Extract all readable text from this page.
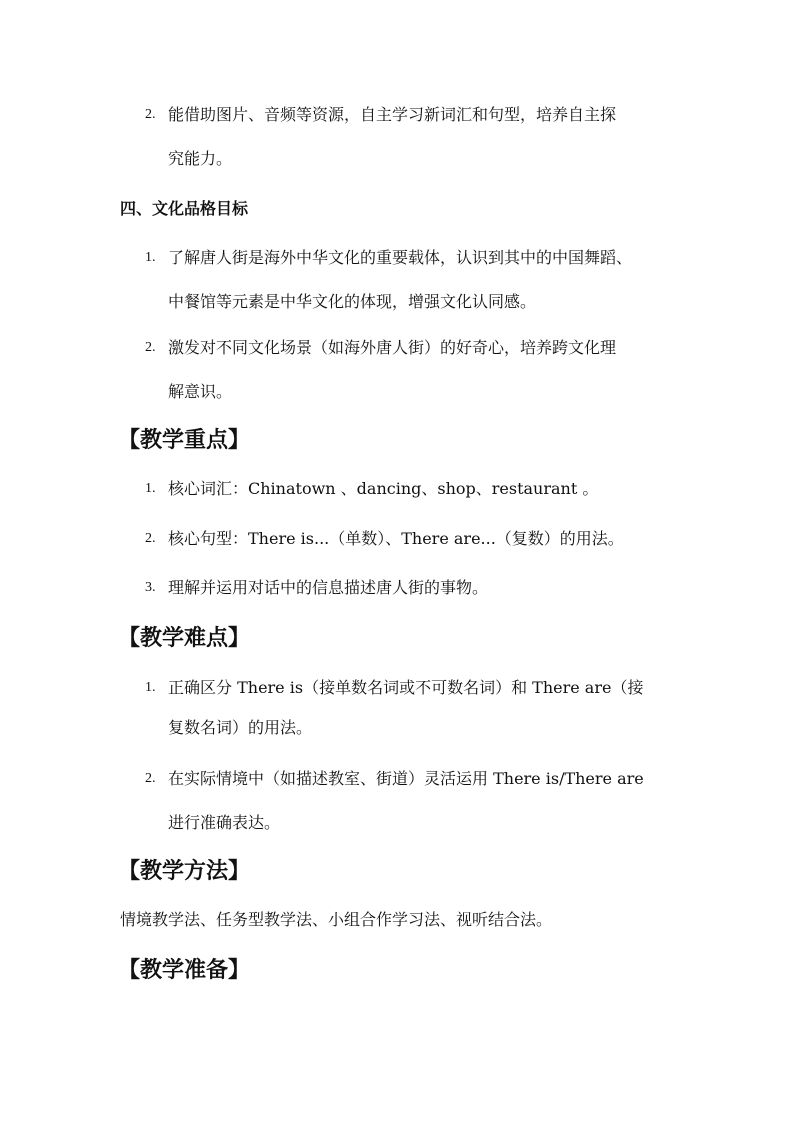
2. 能借助图片、音频等资源，自主学习新词汇和句型，培养自主探
究能力。
四、文化品格目标
1. 了解唐人街是海外中华文化的重要载体，认识到其中的中国舞蹈、
中餐馆等元素是中华文化的体现，增强文化认同感。
2. 激发对不同文化场景（如海外唐人街）的好奇心，培养跨文化理
解意识。
【教学重点】
1. 核心词汇：Chinatown 、dancing、shop、restaurant 。
2. 核心句型：There is...（单数）、There are...（复数）的用法。
3. 理解并运用对话中的信息描述唐人街的事物。
【教学难点】
1. 正确区分 There is（接单数名词或不可数名词）和 There are（接
复数名词）的用法。
2. 在实际情境中（如描述教室、街道）灵活运用 There is/There are
进行准确表达。
【教学方法】
情境教学法、任务型教学法、小组合作学习法、视听结合法。
【教学准备】
